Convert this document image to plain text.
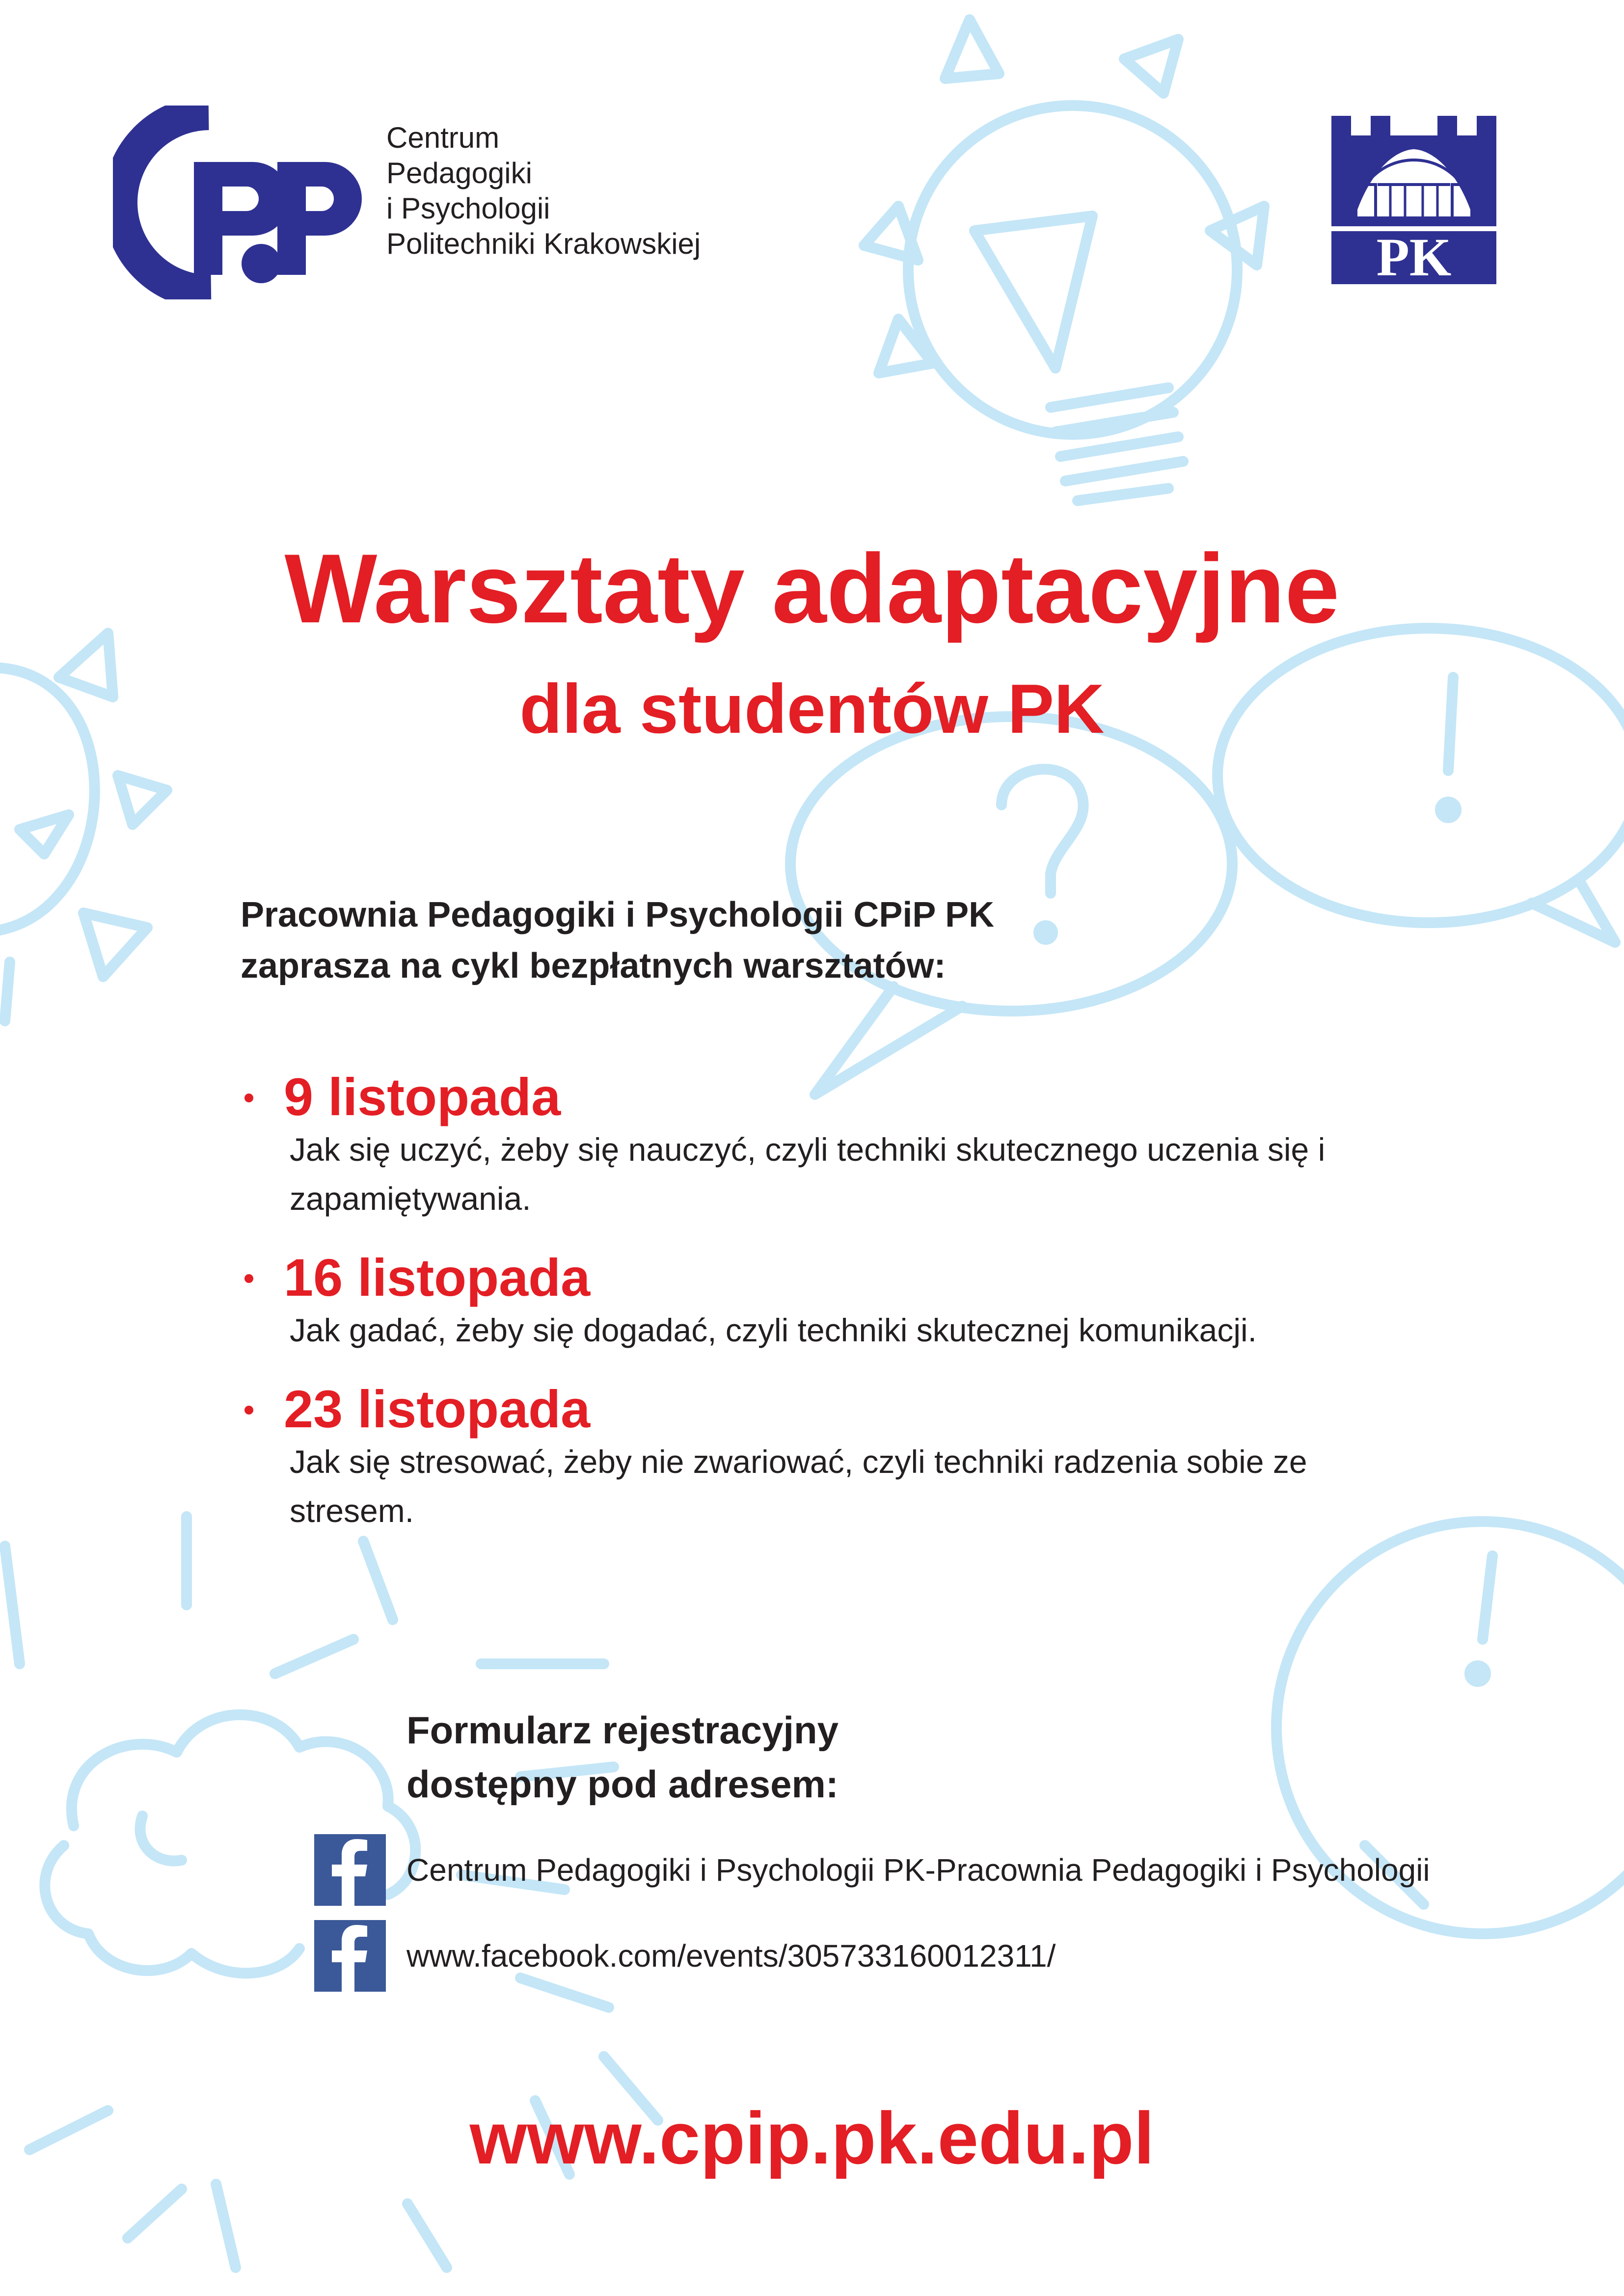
Centrum
Pedagogiki
i Psychologii
Politechniki Krakowskiej	PK
Warsztaty adaptacyjne
dla studentów PK
Pracownia Pedagogiki i Psychologii CPiP PK
zaprasza na cykl bezpłatnych warsztatów:
9 listopada
Jak się uczyć, żeby się nauczyć, czyli techniki skutecznego uczenia się i zapamiętywania.
16 listopada
Jak gadać, żeby się dogadać, czyli techniki skutecznej komunikacji.
23 listopada
Jak się stresować, żeby nie zwariować, czyli techniki radzenia sobie ze stresem.
Formularz rejestracyjny
dostępny pod adresem:
Centrum Pedagogiki i Psychologii PK-Pracownia Pedagogiki i Psychologii
www.facebook.com/events/305733160012311/
www.cpip.pk.edu.pl
